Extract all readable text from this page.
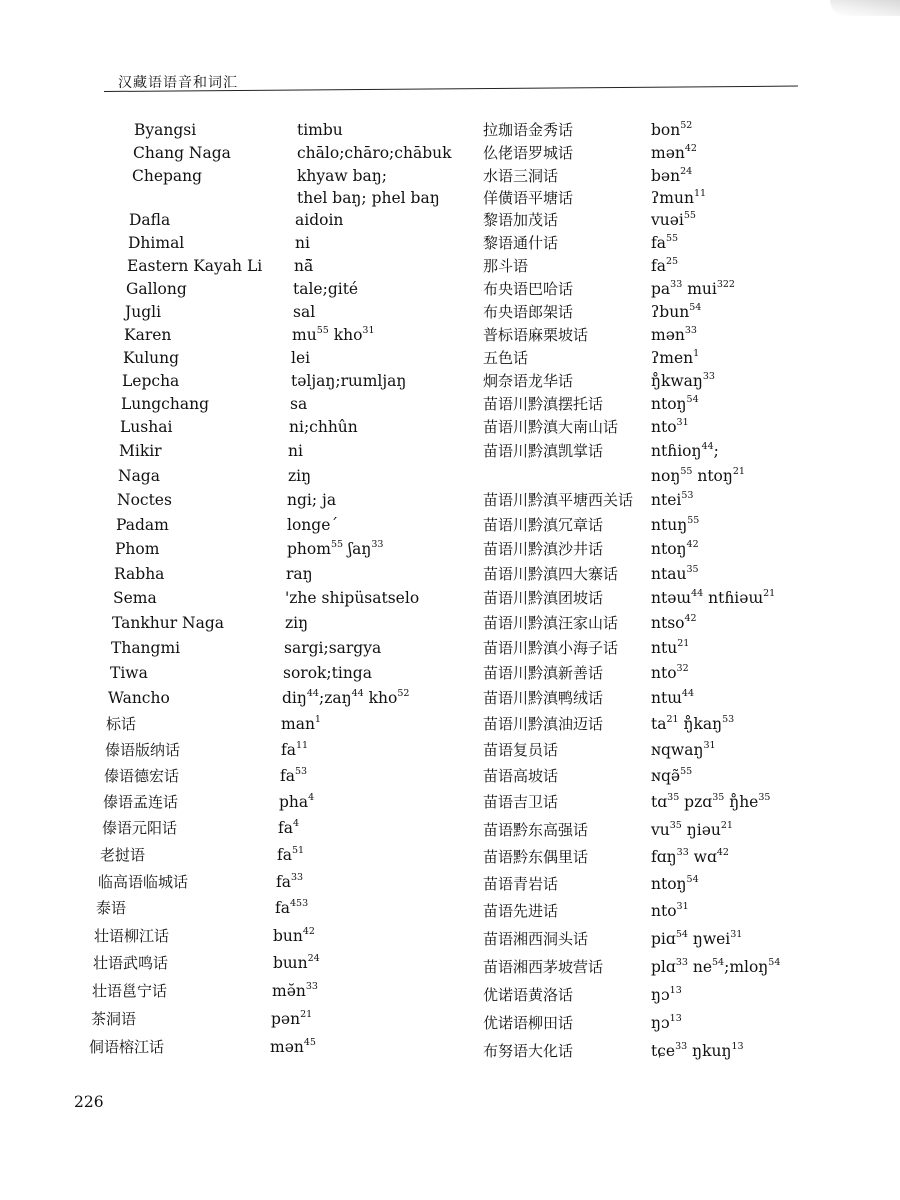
汉藏语语音和词汇
Byangsi	timbu
Chang Naga	chālo;chāro;chābuk
Chepang	khyaw baŋ;
thel baŋ; phel baŋ
Dafla	aidoin
Dhimal	ni
Eastern Kayah Li nā̃
Gallong	tale;gité
Jugli	sal
Karen	$mu^{55}$ kho$^{31}$
Kulung	lei
Lepcha	təljaŋ;rɯmljaŋ
Lungchang	sa
Lushai	ni;chhûn
Mikir	ni
Naga	ziŋ
Noctes	ngi; ja
Padam	longe´
Phom	phom$^{55}$ ʃaŋ$^{33}$
Rabha	raŋ
Sema	'zhe shipüsatselo
Tankhur Naga	ziŋ
Thangmi	sargi;sargya
Tiwa	sorok;tinga
Wancho	diŋ$^{44}$;zaŋ$^{44}$ kho$^{52}$
标话	man$^1$
傣语版纳话	$fa^{11}$
傣语德宏话	$fa^{53}$
傣语孟连话	pha$^4$
傣语元阳话	$fa^4$
老挝语	$fa^{51}$
临高语临城话	$fa^{33}$
泰语	$fa^{453}$
壮语柳江话	bun$^{42}$
壮语武鸣话	bɯn$^{24}$
壮语邕宁话	$mə̆n^{33}$
茶洞语	pən$^{21}$
侗语榕江话	mən$^{45}$
拉珈语金秀话	bon$^{52}$
仫佬语罗城话	mən$^{42}$
水语三洞话	bən$^{24}$
佯僙语平塘话	ʔmun$^{11}$
黎语加茂话	vuəi$^{55}$
黎语通什话	$fa^{55}$
那斗语	$fa^{25}$
布央语巴哈话	$pa^{33}$ mui$^{322}$
布央语郎架话	ʔbun$^{54}$
普标语麻栗坡话	mən$^{33}$
五色话	ʔmen$^1$
炯奈语龙华话	ŋ̊kwaŋ$^{33}$
苗语川黔滇摆托话	ntoŋ$^{54}$
苗语川黔滇大南山话 nto$^{31}$
苗语川黔滇凯掌话	ntɦioŋ$^{44}$;
noŋ$^{55}$ ntoŋ$^{21}$
苗语川黔滇平塘西关话 ntei$^{53}$
苗语川黔滇冗章话	ntuŋ$^{55}$
苗语川黔滇沙井话	ntoŋ$^{42}$
苗语川黔滇四大寨话 ntau$^{35}$
苗语川黔滇团坡话	ntəɯ$^{44}$ ntɦiəɯ$^{21}$
苗语川黔滇汪家山话 ntso$^{42}$
苗语川黔滇小海子话 ntu$^{21}$
苗语川黔滇新善话	nto$^{32}$
苗语川黔滇鸭绒话	ntɯ$^{44}$
苗语川黔滇油迈话	$ta^{21}$ ŋ̊kaŋ$^{53}$
苗语复员话	ɴqwaŋ$^{31}$
苗语高坡话	ɴqə̃$^{55}$
苗语吉卫话	tɑ$^{35}$ pzɑ$^{35}$ $ŋ̊he^{35}$
苗语黔东高强话	$vu^{35}$ ŋiəu$^{21}$
苗语黔东偶里话	fɑŋ$^{33}$ wɑ$^{42}$
苗语青岩话	ntoŋ$^{54}$
苗语先进话	nto$^{31}$
苗语湘西洞头话	piɑ$^{54}$ ŋwei$^{31}$
苗语湘西茅坡营话	plɑ$^{33}$ $ne^{54};mloŋ^{54}$
优诺语黄洛话	ŋɔ$^{13}$
优诺语柳田话	ŋɔ$^{13}$
布努语大化话	tɕe$^{33}$ ŋkuŋ$^{13}$
226
